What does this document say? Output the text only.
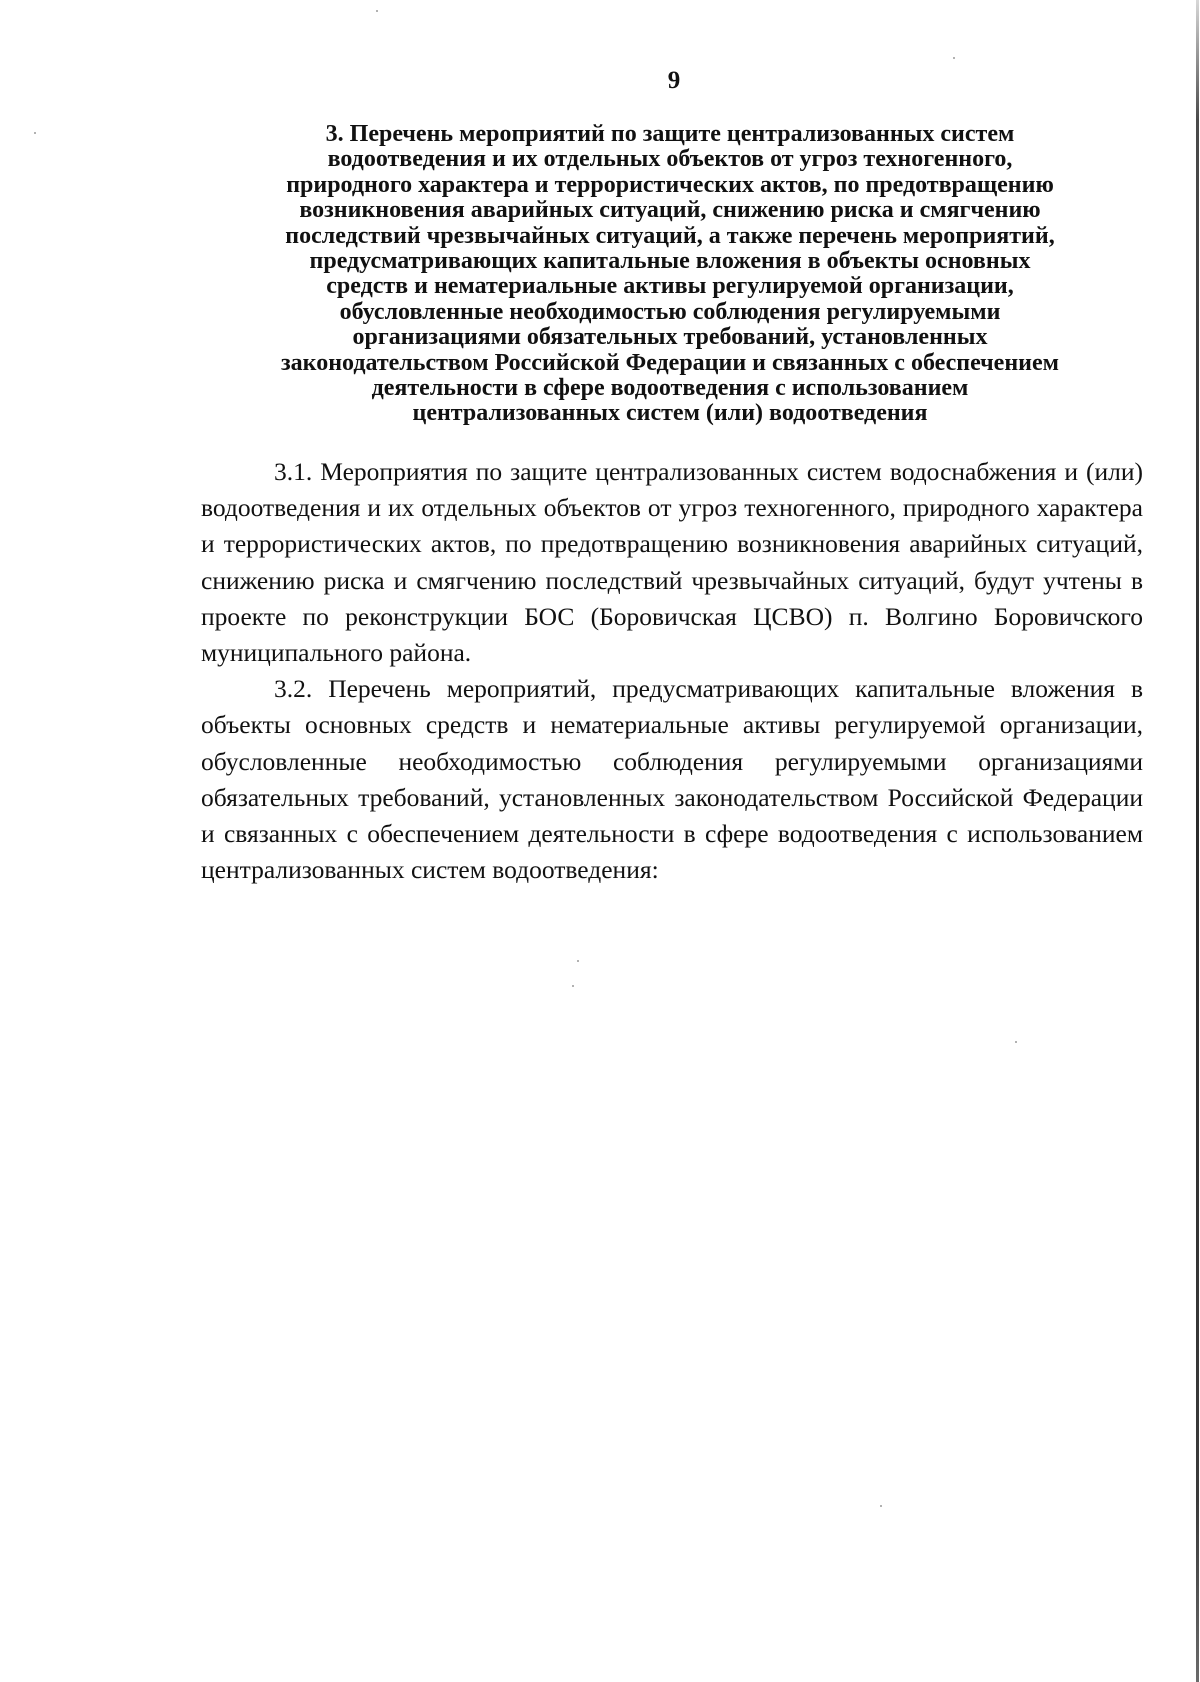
9
3. Перечень мероприятий по защите централизованных систем
водоотведения и их отдельных объектов от угроз техногенного,
природного характера и террористических актов, по предотвращению
возникновения аварийных ситуаций, снижению риска и смягчению
последствий чрезвычайных ситуаций, а также перечень мероприятий,
предусматривающих капитальные вложения в объекты основных
средств и нематериальные активы регулируемой организации,
обусловленные необходимостью соблюдения регулируемыми
организациями обязательных требований, установленных
законодательством Российской Федерации и связанных с обеспечением
деятельности в сфере водоотведения с использованием
централизованных систем (или) водоотведения

3.1. Мероприятия по защите централизованных систем водоснабжения и (или) водоотведения и их отдельных объектов от угроз техногенного, природного характера и террористических актов, по предотвращению возникновения аварийных ситуаций, снижению риска и смягчению последствий чрезвычайных ситуаций, будут учтены в проекте по реконструкции БОС (Боровичская ЦСВО) п. Волгино Боровичского муниципального района.

3.2. Перечень мероприятий, предусматривающих капитальные вложения в объекты основных средств и нематериальные активы регулируемой организации, обусловленные необходимостью соблюдения регулируемыми организациями обязательных требований, установленных законодательством Российской Федерации и связанных с обеспечением деятельности в сфере водоотведения с использованием централизованных систем водоотведения:
